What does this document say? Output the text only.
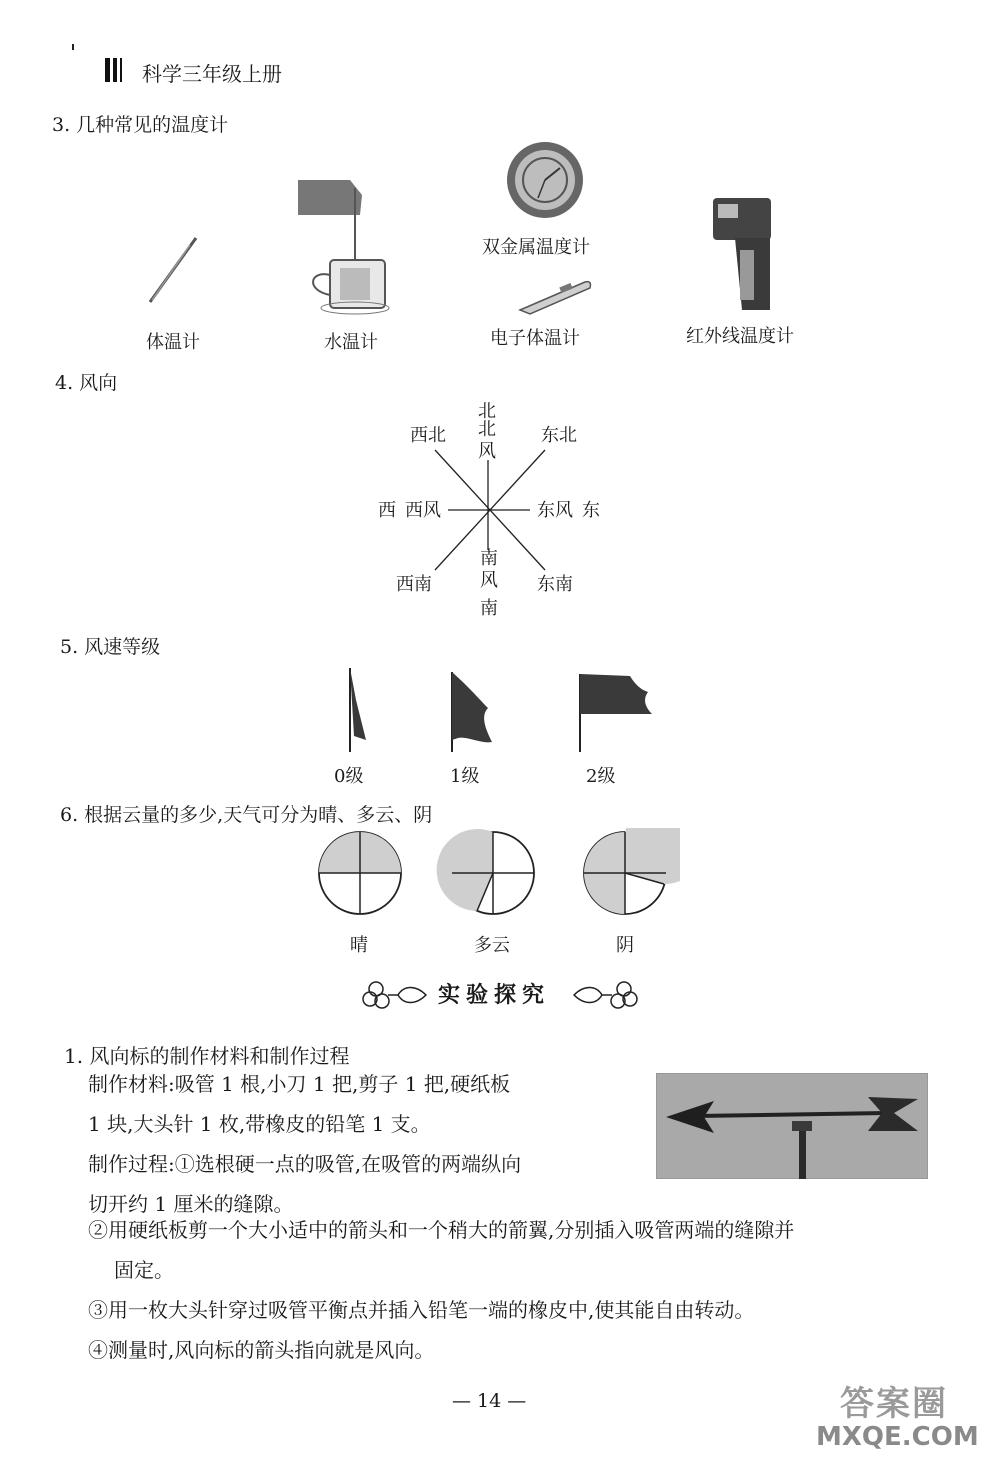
科学三年级上册
3. 几种常见的温度计
双金属温度计
体温计	水温计	电子体温计	红外线温度计
4. 风向
北
北风
西北	东北
西 西风	东风 东
南风
南
西南	东南
5. 风速等级
0级	1级	2级
6. 根据云量的多少,天气可分为晴、多云、阴
晴	多云	阴
实验探究
1. 风向标的制作材料和制作过程
制作材料:吸管 1 根,小刀 1 把,剪子 1 把,硬纸板
1 块,大头针 1 枚,带橡皮的铅笔 1 支。
制作过程:①选根硬一点的吸管,在吸管的两端纵向
切开约 1 厘米的缝隙。
②用硬纸板剪一个大小适中的箭头和一个稍大的箭翼,分别插入吸管两端的缝隙并
固定。
③用一枚大头针穿过吸管平衡点并插入铅笔一端的橡皮中,使其能自由转动。
④测量时,风向标的箭头指向就是风向。
— 14 —	答案圈
MXQE.COM
